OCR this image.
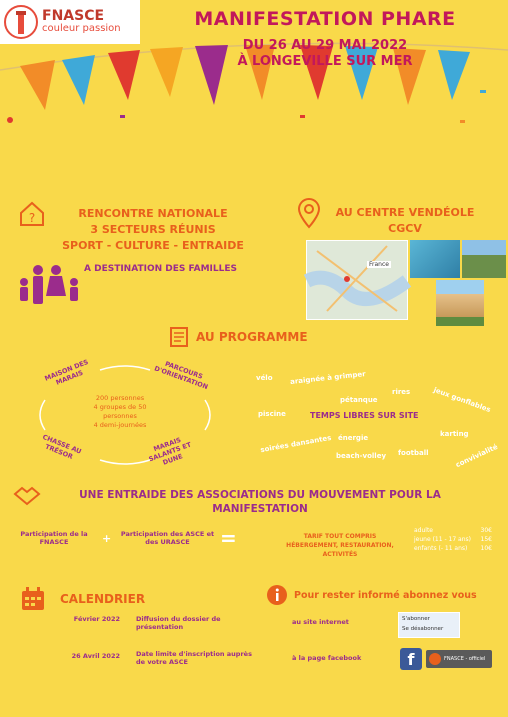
FNASCE
couleur passion	MANIFESTATION PHARE
DU 26 AU 29 MAI 2022
À LONGEVILLE SUR MER
?	RENCONTRE NATIONALE
3 SECTEURS RÉUNIS
SPORT - CULTURE - ENTRAIDE
A DESTINATION DES FAMILLES
AU CENTRE VENDÉOLE
CGCV
France
AU PROGRAMME
MAISON DES MARAIS	PARCOURS D'ORIENTATION
MARAIS SALANTS ET DUNE
CHASSE AU TRÉSOR
200 personnes
4 groupes de 50 personnes
4 demi-journées
vélo araignée à grimper
pétanque
rires	jeux gonflables
piscine	TEMPS LIBRES SUR SITE
soirées dansantes énergie	karting
beach-volley football	convivialité
UNE ENTRAIDE DES ASSOCIATIONS DU MOUVEMENT POUR LA MANIFESTATION
Participation de la FNASCE	+ Participation des ASCE et des URASCE	=	TARIF TOUT COMPRIS
HÉBERGEMENT, RESTAURATION, ACTIVITÉS
adulte	30€
jeune (11 - 17 ans) 15€
enfants (- 11 ans) 10€
CALENDRIER
Février 2022 Diffusion du dossier de présentation
26 Avril 2022 Date limite d'inscription auprès de votre ASCE
Pour rester informé abonnez vous
au site internet	S'abonner
Se désabonner
à la page facebook	f	FNASCE - officiel
